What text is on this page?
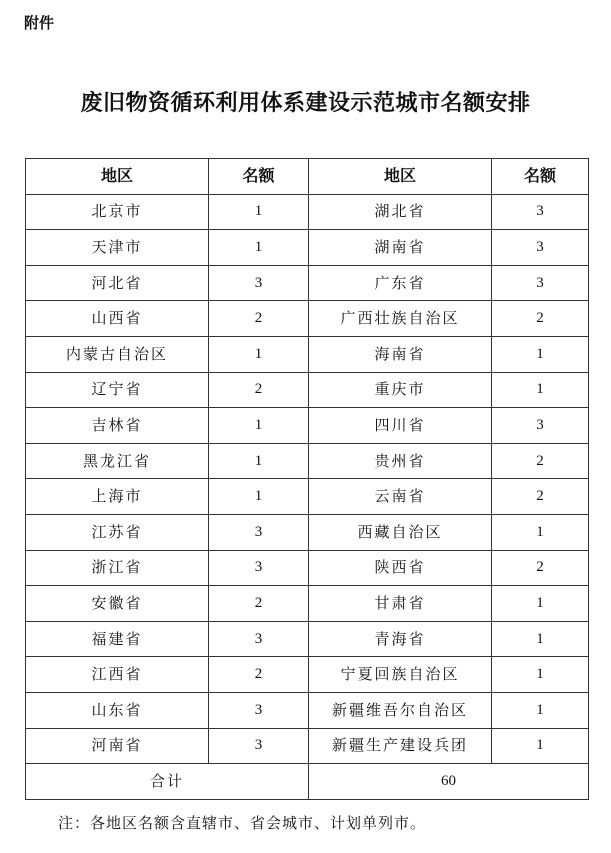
附件
废旧物资循环利用体系建设示范城市名额安排
地区	名额	地区	名额
北京市	1	湖北省	3
天津市	1	湖南省	3
河北省	3	广东省	3
山西省	2	广西壮族自治区	2
内蒙古自治区	1	海南省	1
辽宁省	2	重庆市	1
吉林省	1	四川省	3
黑龙江省	1	贵州省	2
上海市	1	云南省	2
江苏省	3	西藏自治区	1
浙江省	3	陕西省	2
安徽省	2	甘肃省	1
福建省	3	青海省	1
江西省	2	宁夏回族自治区	1
山东省	3	新疆维吾尔自治区	1
河南省	3	新疆生产建设兵团	1
合计		60	
注：各地区名额含直辖市、省会城市、计划单列市。
